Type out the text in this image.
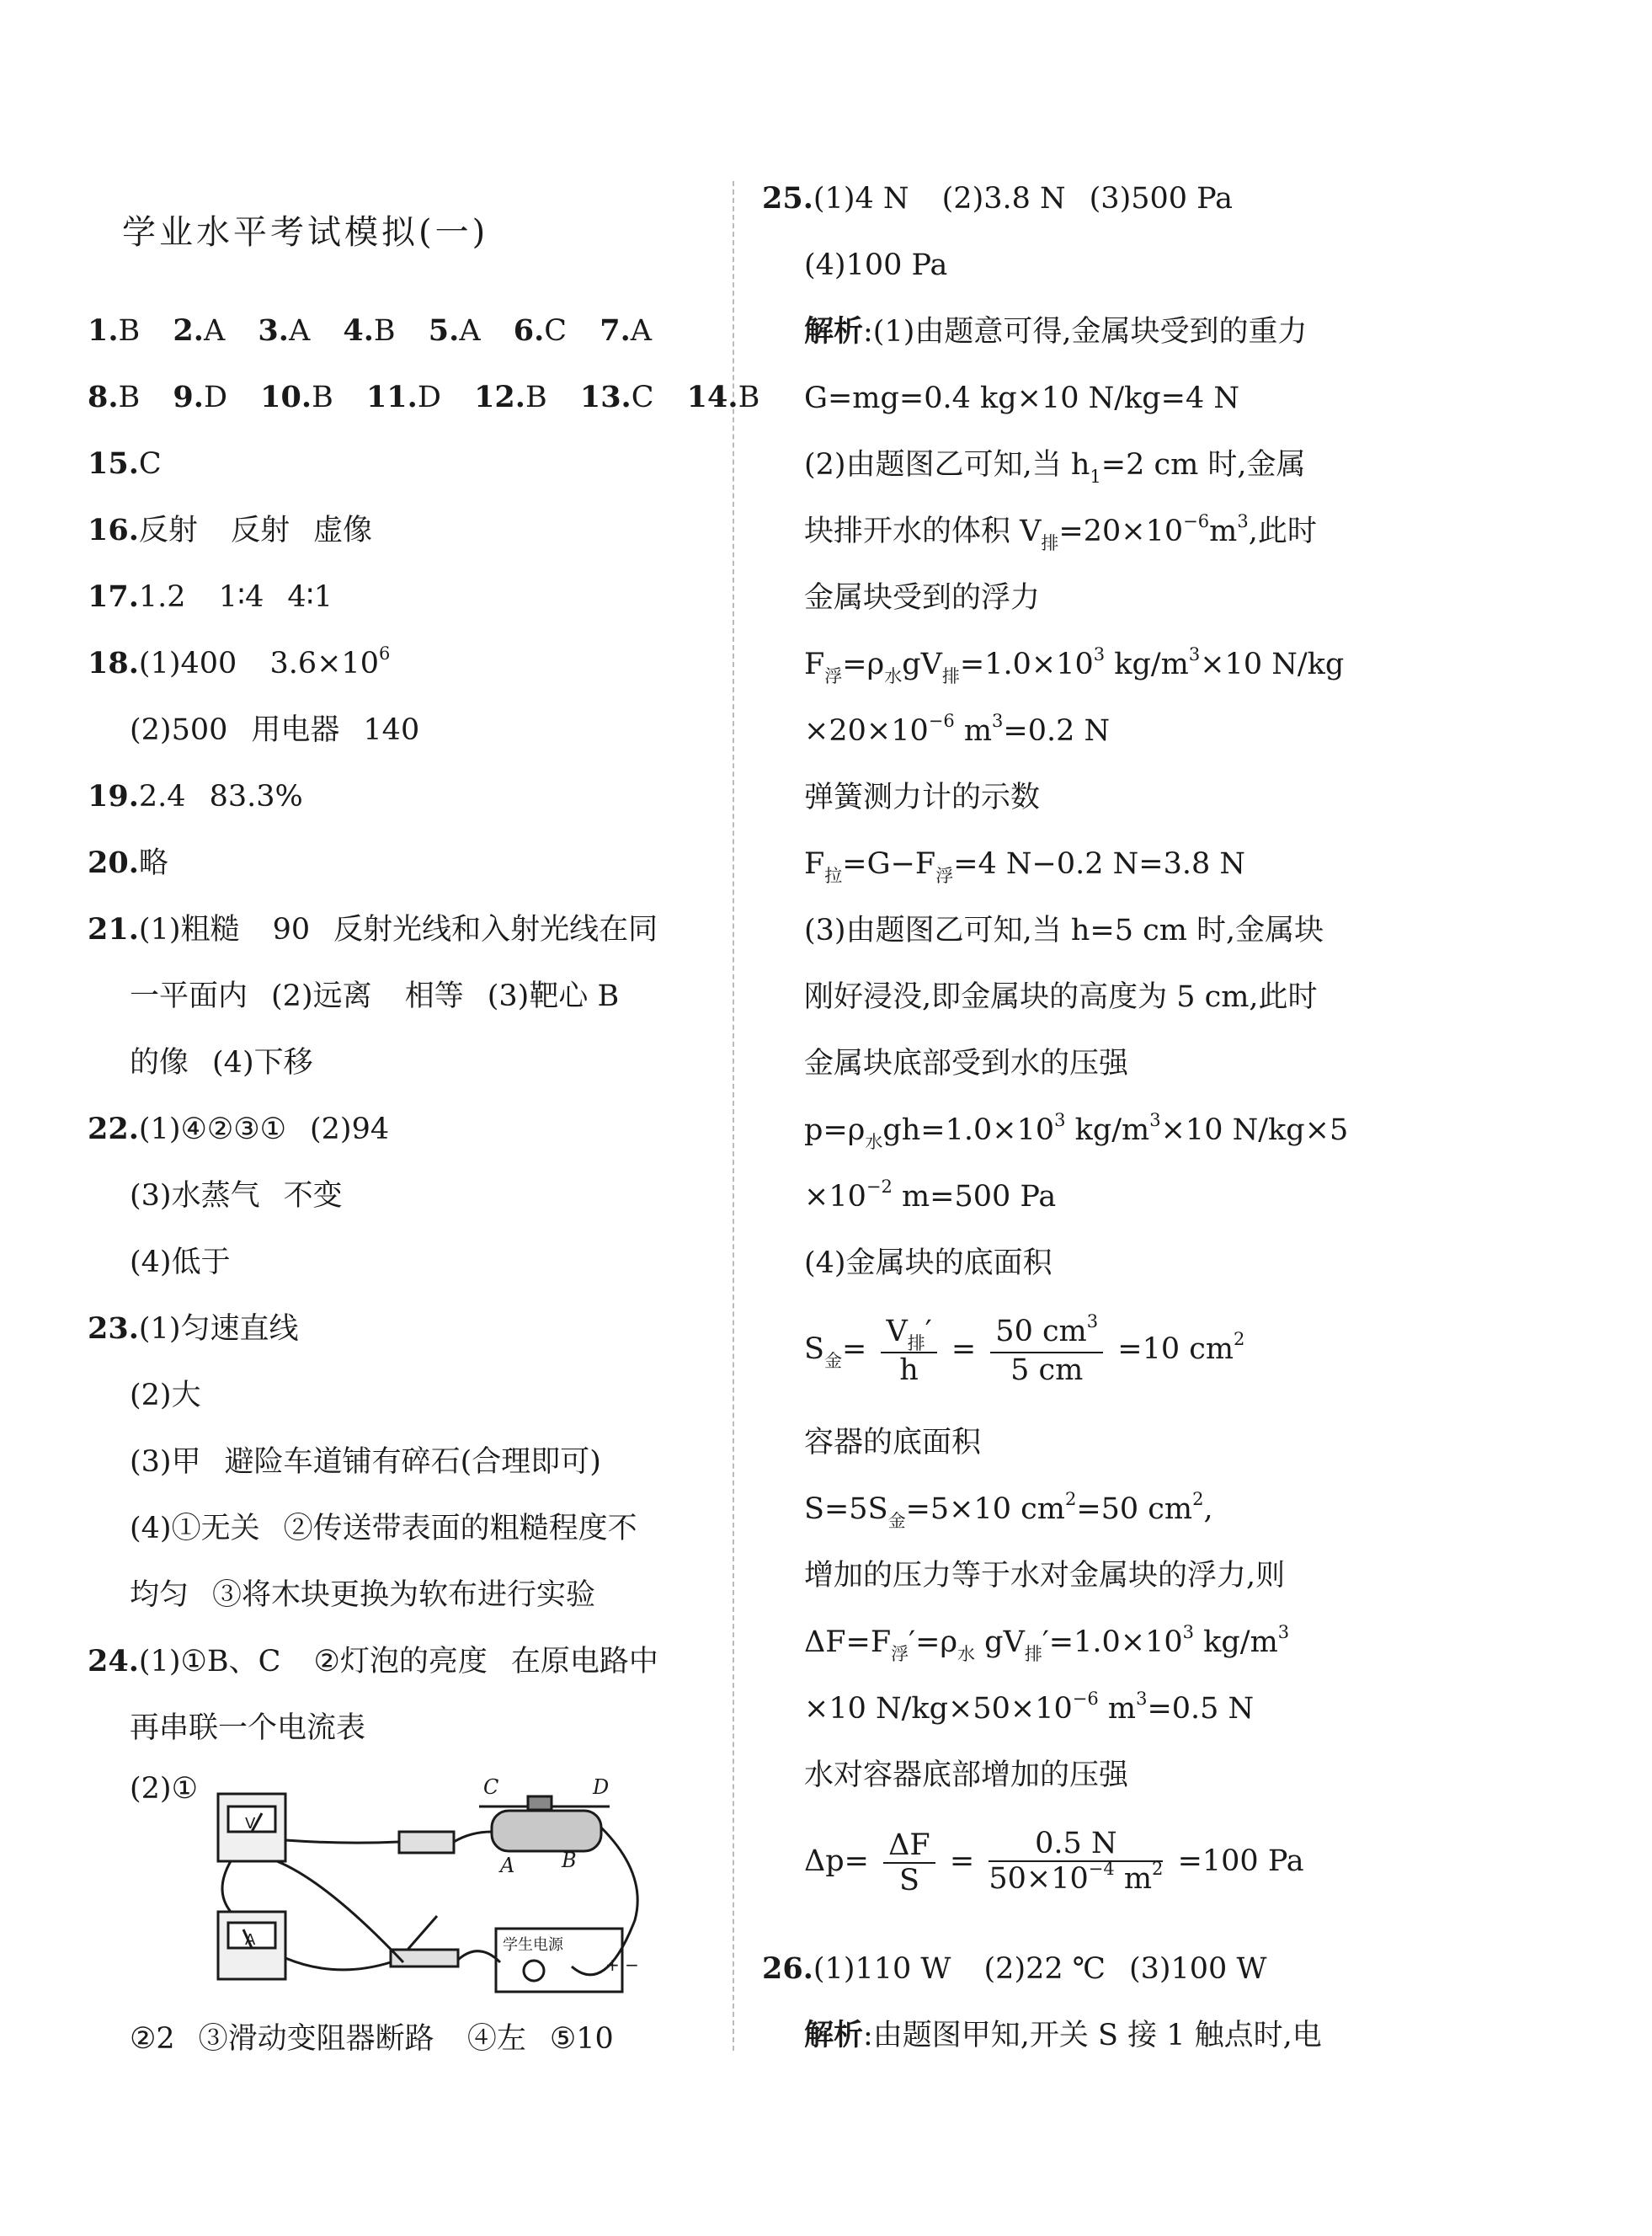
学业水平考试模拟(一)
1.B 2.A 3.A 4.B 5.A 6.C 7.A
8.B 9.D 10.B 11.D 12.B 13.C 14.B
15.C
16.反射 反射 虚像
17.1.2 1∶4 4∶1
18.(1)400 $3.6\times 10^6$
(2)500 用电器 140
19.2.4 83.3%
20.略
21.(1)粗糙 90 反射光线和入射光线在同
一平面内 (2)远离 相等 (3)靶心 B
的像 (4)下移
22.(1)④②③① (2)94
(3)水蒸气 不变
(4)低于
23.(1)匀速直线
(2)大
(3)甲 避险车道铺有碎石(合理即可)
(4)①无关 ②传送带表面的粗糙程度不
均匀 ③将木块更换为软布进行实验
24.(1)①B、C ②灯泡的亮度 在原电路中
再串联一个电流表
(2)①
②2 ③滑动变阻器断路 ④左 ⑤10
+ −
学生电源
C	D
A B
V
A
25.(1)4 N (2)3.8 N (3)500 Pa
(4)100 Pa
解析:(1)由题意可得,金属块受到的重力
G=mg=0.4 kg×10 N/kg=4 N
(2)由题图乙可知,当 $h_1=2$ cm 时,金属
块排开水的体积 $V_排=20\times 10^{-6}m^3$,此时
金属块受到的浮力
$F_浮=\rho_水gV_排=1.0\times 10^3$ $kg/m^3\times 10$ N/kg
$\times 20\times 10^{-6}$ $m^3=0.2$ N
弹簧测力计的示数
$F_拉=G-F_浮=4$ N−0.2 N=3.8 N
(3)由题图乙可知,当 h=5 cm 时,金属块
刚好浸没,即金属块的高度为 5 cm,此时
金属块底部受到水的压强
$p=\rho_水gh=1.0\times 10^3$ $kg/m^3\times 10$ N/kg×5
$\times 10^{-2}$ m=500 Pa
(4)金属块的底面积
$S_金= \frac{V_排'}{h} = \frac{50 cm^3}{5 cm} =10$ $cm^2$
容器的底面积
$S=5S_金=5\times 10$ $cm^2=50$ $cm^2$,
增加的压力等于水对金属块的浮力,则
$\Delta F=F_浮'=\rho_水$ $gV_排'=1.0\times 10^3$ $kg/m^3$
×10 $N/kg\times 50\times 10^{-6}$ $m^3=0.5$ N
水对容器底部增加的压强
$\Delta p= \frac{\Delta F}{S} = \frac{0.5 N}{50\times 10^{-4} m^2} =100$ Pa
26.(1)110 W (2)22 ℃ (3)100 W
解析:由题图甲知,开关 S 接 1 触点时,电
